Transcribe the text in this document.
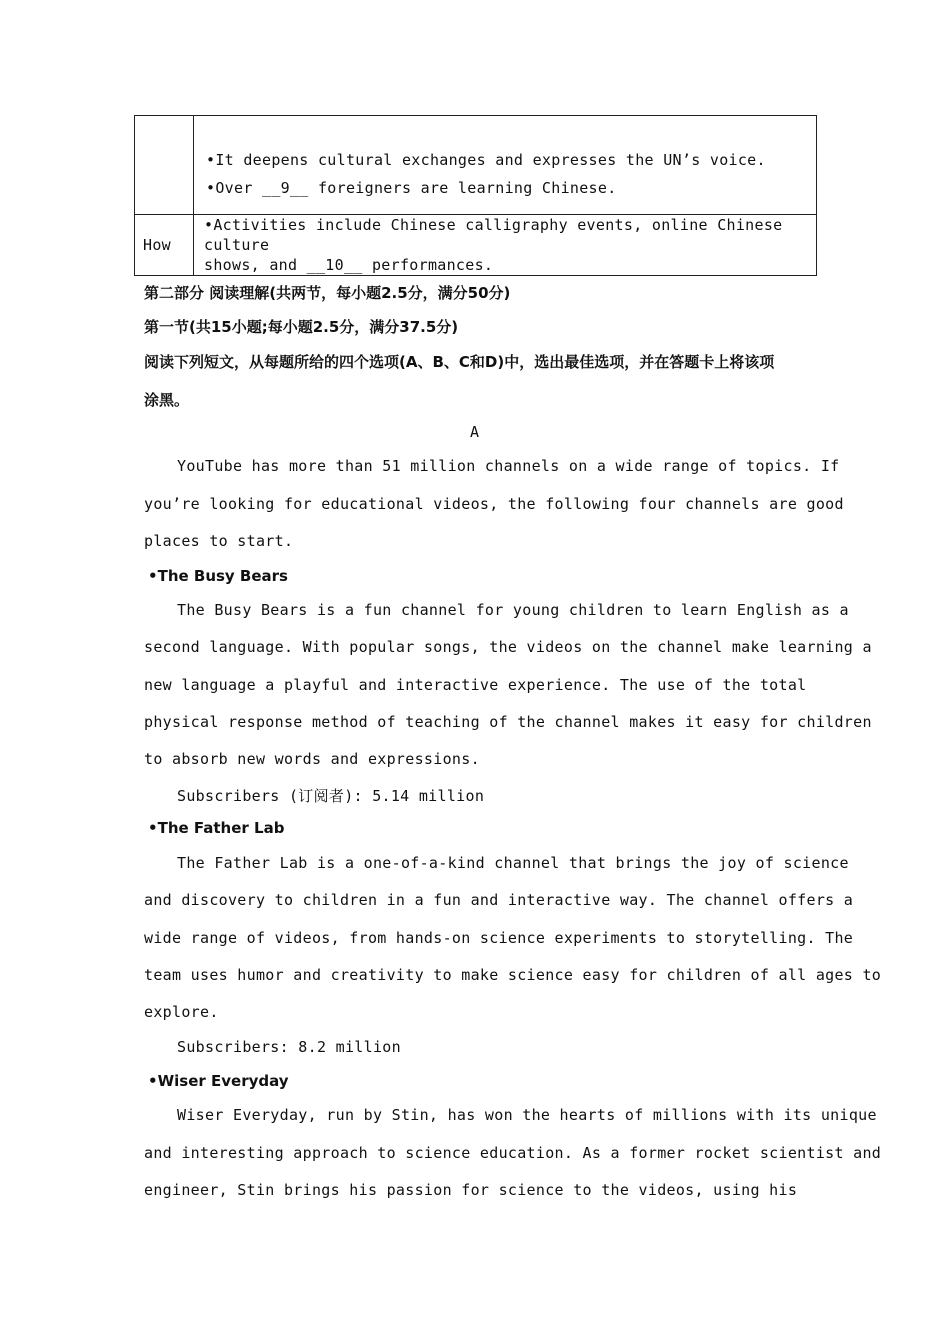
	•It deepens cultural exchanges and expresses the UN’s voice.
•Over __9__ foreigners are learning Chinese.

How	•Activities include Chinese calligraphy events, online Chinese culture
shows, and __10__ performances.
第二部分 阅读理解(共两节，每小题2.5分，满分50分)
第一节(共15小题;每小题2.5分，满分37.5分)
阅读下列短文，从每题所给的四个选项(A、B、C和D)中，选出最佳选项，并在答题卡上将该项
涂黑。
A
YouTube has more than 51 million channels on a wide range of topics. If
you’re looking for educational videos, the following four channels are good
places to start.
•The Busy Bears
The Busy Bears is a fun channel for young children to learn English as a
second language. With popular songs, the videos on the channel make learning a
new language a playful and interactive experience. The use of the total
physical response method of teaching of the channel makes it easy for children
to absorb new words and expressions.
Subscribers (订阅者): 5.14 million
•The Father Lab
The Father Lab is a one-of-a-kind channel that brings the joy of science
and discovery to children in a fun and interactive way. The channel offers a
wide range of videos, from hands-on science experiments to storytelling. The
team uses humor and creativity to make science easy for children of all ages to
explore.
Subscribers: 8.2 million
•Wiser Everyday
Wiser Everyday, run by Stin, has won the hearts of millions with its unique
and interesting approach to science education. As a former rocket scientist and
engineer, Stin brings his passion for science to the videos, using his
